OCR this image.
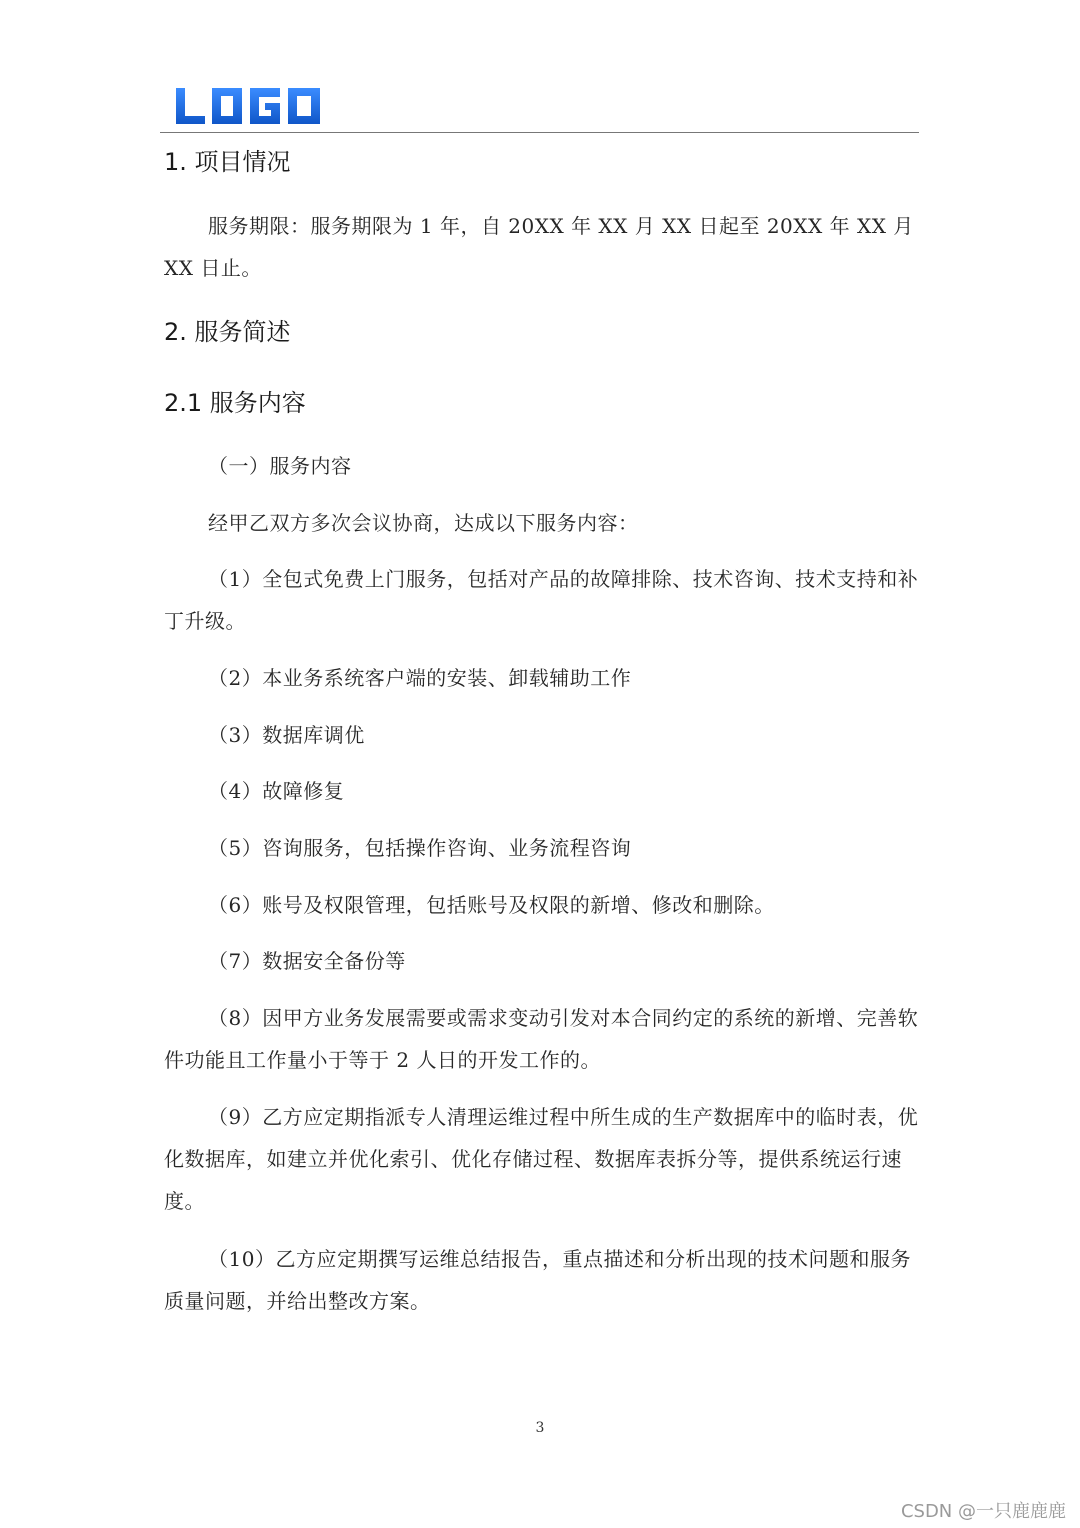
1. 项目情况
服务期限：服务期限为 1 年，自 20XX 年 XX 月 XX 日起至 20XX 年 XX 月 XX 日止。
2. 服务简述
2.1 服务内容
（一）服务内容
经甲乙双方多次会议协商，达成以下服务内容：
（1）全包式免费上门服务，包括对产品的故障排除、技术咨询、技术支持和补丁升级。
（2）本业务系统客户端的安装、卸载辅助工作
（3）数据库调优
（4）故障修复
（5）咨询服务，包括操作咨询、业务流程咨询
（6）账号及权限管理，包括账号及权限的新增、修改和删除。
（7）数据安全备份等
（8）因甲方业务发展需要或需求变动引发对本合同约定的系统的新增、完善软件功能且工作量小于等于 2 人日的开发工作的。
（9）乙方应定期指派专人清理运维过程中所生成的生产数据库中的临时表，优化数据库，如建立并优化索引、优化存储过程、数据库表拆分等，提供系统运行速度。
（10）乙方应定期撰写运维总结报告，重点描述和分析出现的技术问题和服务质量问题，并给出整改方案。
3
CSDN @一只鹿鹿鹿
